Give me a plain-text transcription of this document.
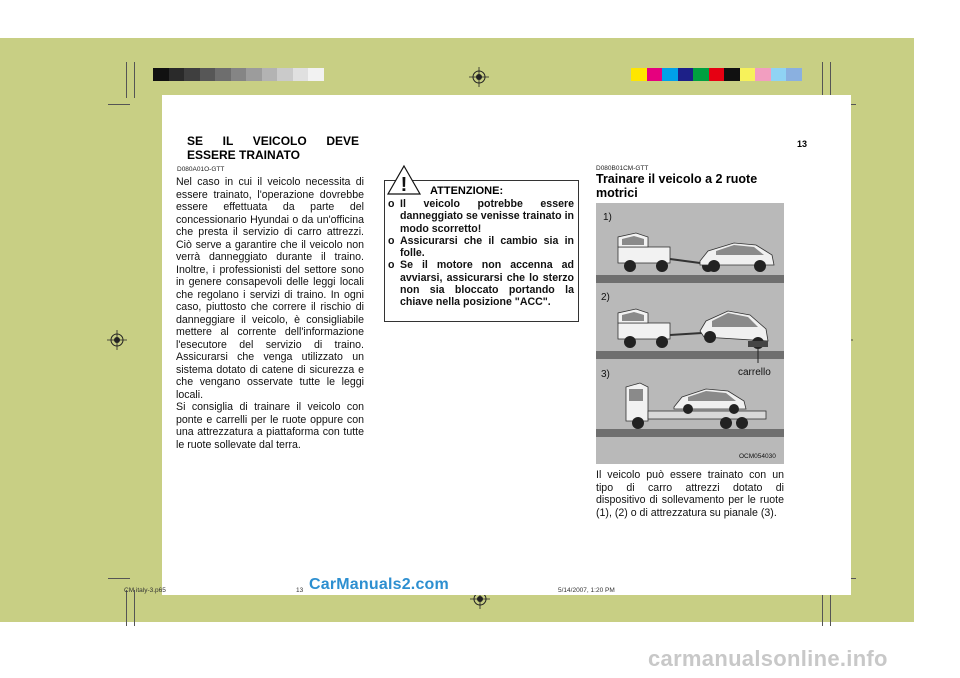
IN CASO DI EMERGENZA 3
13
SE IL VEICOLO DEVE
ESSERE TRAINATO
D080A01O-GTT
Nel caso in cui il veicolo necessita di essere trainato, l'operazione dovrebbe essere effettuata da parte del concessionario Hyundai o da un'officina che presta il servizio di carro attrezzi. Ciò serve a garantire che il veicolo non verrà danneggiato durante il traino. Inoltre, i professionisti del settore sono in genere consapevoli delle leggi locali che regolano i servizi di traino. In ogni caso, piuttosto che correre il rischio di danneggiare il veicolo, è consigliabile mettere al corrente dell'informazione l'esecutore del servizio di traino. Assicurarsi che venga utilizzato un sistema dotato di catene di sicurezza e che vengano osservate tutte le leggi locali.
Si consiglia di trainare il veicolo con ponte e carrelli per le ruote oppure con una attrezzatura a piattaforma con tutte le ruote sollevate dal terra.
! ATTENZIONE:
o Il veicolo potrebbe essere danneggiato se venisse trainato in modo scorretto!
o Assicurarsi che il cambio sia in folle.
o Se il motore non accenna ad avviarsi, assicurarsi che lo sterzo non sia bloccato portando la chiave nella posizione "ACC".
D080B01CM-GTT
Trainare il veicolo a 2 ruote motrici
1)
2)
3)	carrello
OCM054030
Il veicolo può essere trainato con un tipo di carro attrezzi dotato di dispositivo di sollevamento per le ruote (1), (2) o di attrezzatura su pianale (3).
CM italy-3.p65	13	5/14/2007, 1:20 PM
CarManuals2.com
carmanualsonline.info
